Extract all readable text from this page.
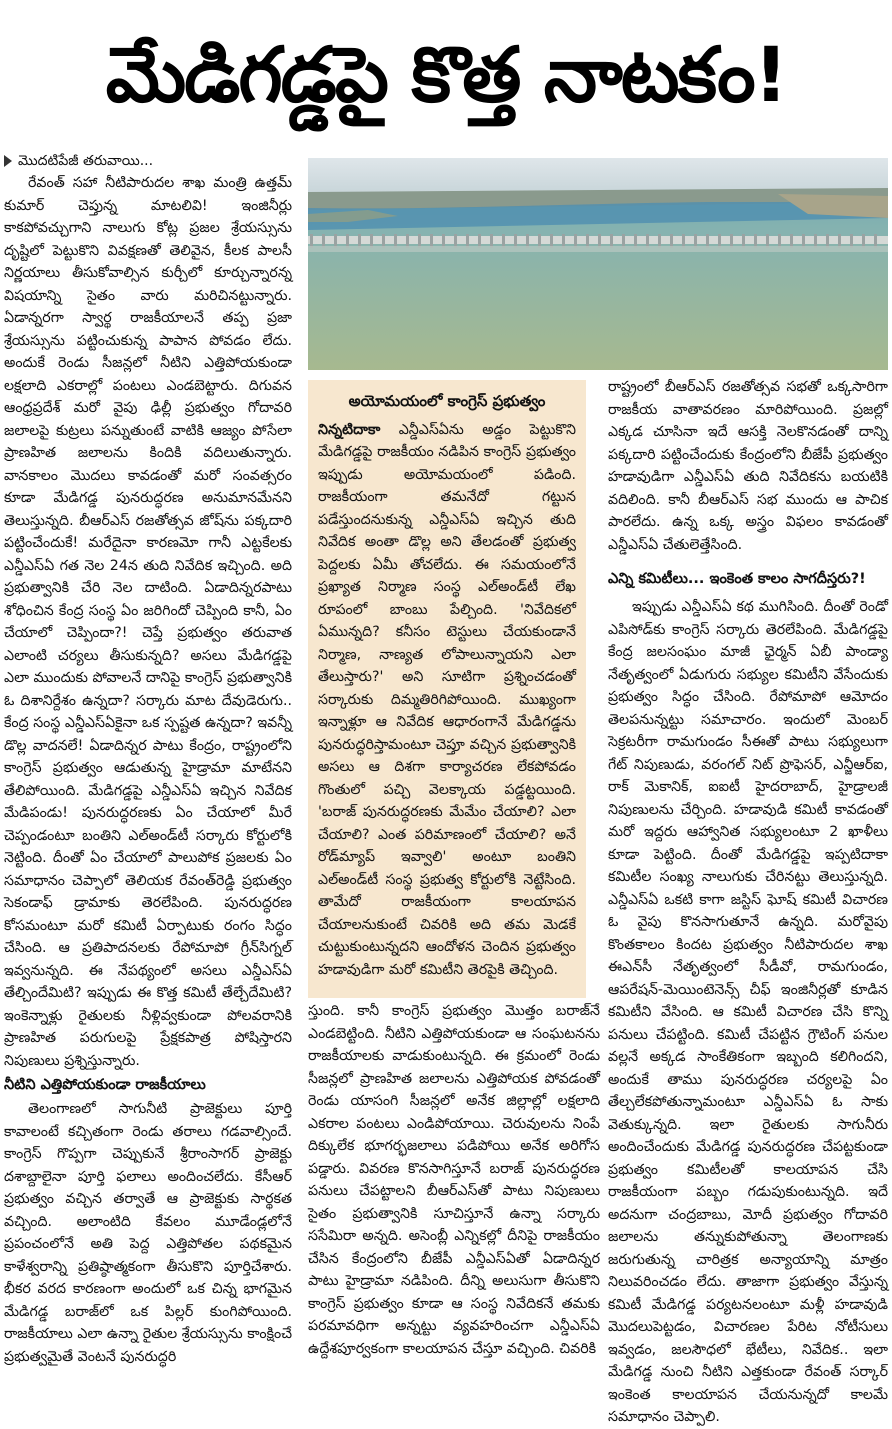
మేడిగడ్డపై కొత్త నాటకం!

మొదటిపేజీ తరువాయి...

రేవంత్ సహా నీటిపారుదల శాఖ మంత్రి ఉత్తమ్ కుమార్ చెప్తున్న మాటలివి! ఇంజినీర్లు కాకపోవచ్చుగాని నాలుగు కోట్ల ప్రజల శ్రేయస్సును దృష్టిలో పెట్టుకొని వివక్షణతో తెలివైన, కీలక పాలసీ నిర్ణయాలు తీసుకోవాల్సిన కుర్చీలో కూర్చున్నారన్న విషయాన్ని సైతం వారు మరిచినట్టున్నారు. ఏడాన్నరగా స్వార్థ రాజకీయాలనే తప్ప ప్రజా శ్రేయస్సును పట్టించుకున్న పాపాన పోవడం లేదు. అందుకే రెండు సీజన్లలో నీటిని ఎత్తిపోయకుండా లక్షలాది ఎకరాల్లో పంటలు ఎండబెట్టారు. దిగువన ఆంధ్రప్రదేశ్ మరో వైపు ఢిల్లీ ప్రభుత్వం గోదావరి జలాలపై కుట్రలు పన్నుతుంటే వాటికి ఆజ్యం పోసేలా ప్రాణహిత జలాలను కిందికి వదిలుతున్నారు. వానకాలం మొదలు కావడంతో మరో సంవత్సరం కూడా మేడిగడ్డ పునరుద్ధరణ అనుమానమేనని తెలుస్తున్నది. బీఆర్ఎస్ రజతోత్సవ జోష్‌ను పక్కదారి పట్టించేందుకే! మరేదైనా కారణమో గానీ ఎట్టకేలకు ఎన్డీఎస్ఏ గత నెల 24న తుది నివేదిక ఇచ్చింది. అది ప్రభుత్వానికి చేరి నెల దాటింది. ఏడాదిన్నరపాటు శోధించిన కేంద్ర సంస్థ ఏం జరిగిందో చెప్పింది కానీ, ఏం చేయాలో చెప్పిందా?! చెప్తే ప్రభుత్వం తరువాత ఎలాంటి చర్యలు తీసుకున్నది? అసలు మేడిగడ్డపై ఎలా ముందుకు పోవాలనే దానిపై కాంగ్రెస్ ప్రభుత్వానికి ఓ దిశానిర్దేశం ఉన్నదా? సర్కారు మాట దేవుడెరుగు.. కేంద్ర సంస్థ ఎన్డీఎస్ఏకైనా ఒక స్పష్టత ఉన్నదా? ఇవన్నీ డొల్ల వాదనలే! ఏడాదిన్నర పాటు కేంద్రం, రాష్ట్రంలోని కాంగ్రెస్ ప్రభుత్వం ఆడుతున్న హైడ్రామా మాటేనని తేలిపోయింది. మేడిగడ్డపై ఎన్డీఎస్ఏ ఇచ్చిన నివేదిక మేడిపండు! పునరుద్ధరణకు ఏం చేయాలో మీరే చెప్పండంటూ బంతిని ఎల్అండ్‌టీ సర్కారు కోర్టులోకి నెట్టింది. దీంతో ఏం చేయాలో పాలుపోక ప్రజలకు ఏం సమాధానం చెప్పాలో తెలియక రేవంత్‌రెడ్డి ప్రభుత్వం సెకండాఫ్ డ్రామాకు తెరలేపింది. పునరుద్ధరణ కోసమంటూ మరో కమిటీ ఏర్పాటుకు రంగం సిద్ధం చేసింది. ఆ ప్రతిపాదనలకు రేపోమాపో గ్రీన్‌సిగ్నల్ ఇవ్వనున్నది. ఈ నేపథ్యంలో అసలు ఎన్డీఎస్ఏ తేల్చిందేమిటి? ఇప్పుడు ఈ కొత్త కమిటీ తేల్చేదేమిటి? ఇంకెన్నాళ్లు రైతులకు నీళ్లివ్వకుండా పోలవరానికి ప్రాణహిత పరుగులపై ప్రేక్షకపాత్ర పోషిస్తారని నిపుణులు ప్రశ్నిస్తున్నారు.

నీటిని ఎత్తిపోయకుండా రాజకీయాలు

తెలంగాణలో సాగునీటి ప్రాజెక్టులు పూర్తి కావాలంటే కచ్చితంగా రెండు తరాలు గడవాల్సిందే. కాంగ్రెస్ గొప్పగా చెప్పుకునే శ్రీరాంసాగర్ ప్రాజెక్టు దశాబ్దాలైనా పూర్తి ఫలాలు అందించలేదు. కేసీఆర్ ప్రభుత్వం వచ్చిన తర్వాతే ఆ ప్రాజెక్టుకు సార్థకత వచ్చింది. అలాంటిది కేవలం మూడేండ్లలోనే ప్రపంచంలోనే అతి పెద్ద ఎత్తిపోతల పథకమైన కాళేశ్వరాన్ని ప్రతిష్ఠాత్మకంగా తీసుకొని పూర్తిచేశారు. భీకర వరద కారణంగా అందులో ఒక చిన్న భాగమైన మేడిగడ్డ బరాజ్‌లో ఒక పిల్లర్ కుంగిపోయింది. రాజకీయాలు ఎలా ఉన్నా రైతుల శ్రేయస్సును కాంక్షించే ప్రభుత్వమైతే వెంటనే పునరుద్ధరి

అయోమయంలో కాంగ్రెస్ ప్రభుత్వం

నిన్నటిదాకా ఎన్డీఎస్ఏను అడ్డం పెట్టుకొని మేడిగడ్డపై రాజకీయం నడిపిన కాంగ్రెస్ ప్రభుత్వం ఇప్పుడు అయోమయంలో పడింది. రాజకీయంగా తమనేదో గట్టున పడేస్తుందనుకున్న ఎన్డీఎస్ఏ ఇచ్చిన తుది నివేదిక అంతా డొల్ల అని తేలడంతో ప్రభుత్వ పెద్దలకు ఏమీ తోచలేదు. ఈ సమయంలోనే ప్రఖ్యాత నిర్మాణ సంస్థ ఎల్అండ్‌టీ లేఖ రూపంలో బాంబు పేల్చింది. 'నివేదికలో ఏమున్నది? కనీసం టెస్టులు చేయకుండానే నిర్మాణ, నాణ్యత లోపాలున్నాయని ఎలా తేలుస్తారు?' అని సూటిగా ప్రశ్నించడంతో సర్కారుకు దిమ్మతిరిగిపోయింది. ముఖ్యంగా ఇన్నాళ్లూ ఆ నివేదిక ఆధారంగానే మేడిగడ్డను పునరుద్ధరిస్తామంటూ చెప్తూ వచ్చిన ప్రభుత్వానికి అసలు ఆ దిశగా కార్యాచరణ లేకపోవడం గొంతులో పచ్చి వెలక్కాయ పడ్డట్టయింది. 'బరాజ్ పునరుద్ధరణకు మేమేం చేయాలి? ఎలా చేయాలి? ఎంత పరిమాణంలో చేయాలి? అనే రోడ్‌మ్యాప్ ఇవ్వాలి' అంటూ బంతిని ఎల్అండ్‌టీ సంస్థ ప్రభుత్వ కోర్టులోకి నెట్టేసింది. తామేదో రాజకీయంగా కాలయాపన చేయాలనుకుంటే చివరికి అది తమ మెడకే చుట్టుకుంటున్నదని ఆందోళన చెందిన ప్రభుత్వం హడావుడిగా మరో కమిటీని తెరపైకి తెచ్చింది.

స్తుంది. కానీ కాంగ్రెస్ ప్రభుత్వం మొత్తం బరాజ్‌నే ఎండబెట్టింది. నీటిని ఎత్తిపోయకుండా ఆ సంఘటనను రాజకీయాలకు వాడుకుంటున్నది. ఈ క్రమంలో రెండు సీజన్లలో ప్రాణహిత జలాలను ఎత్తిపోయక పోవడంతో రెండు యాసంగి సీజన్లలో అనేక జిల్లాల్లో లక్షలాది ఎకరాల పంటలు ఎండిపోయాయి. చెరువులను నింపే దిక్కులేక భూగర్భజలాలు పడిపోయి అనేక అరిగోస పడ్డారు. వివరణ కొనసాగిస్తూనే బరాజ్ పునరుద్ధరణ పనులు చేపట్టాలని బీఆర్ఎస్‌తో పాటు నిపుణులు సైతం ప్రభుత్వానికి సూచిస్తూనే ఉన్నా సర్కారు ససేమిరా అన్నది. అసెంబ్లీ ఎన్నికల్లో దీనిపై రాజకీయం చేసిన కేంద్రంలోని బీజేపీ ఎన్డీఎస్ఏతో ఏడాదిన్నర పాటు హైడ్రామా నడిపింది. దీన్ని అలుసుగా తీసుకొని కాంగ్రెస్ ప్రభుత్వం కూడా ఆ సంస్థ నివేదికనే తమకు పరమావధిగా అన్నట్టు వ్యవహరించగా ఎన్డీఎస్ఏ ఉద్దేశపూర్వకంగా కాలయాపన చేస్తూ వచ్చింది. చివరికి

రాష్ట్రంలో బీఆర్ఎస్ రజతోత్సవ సభతో ఒక్కసారిగా రాజకీయ వాతావరణం మారిపోయింది. ప్రజల్లో ఎక్కడ చూసినా ఇదే ఆసక్తి నెలకొనడంతో దాన్ని పక్కదారి పట్టించేందుకు కేంద్రంలోని బీజేపీ ప్రభుత్వం హడావుడిగా ఎన్డీఎస్ఏ తుది నివేదికను బయటికి వదిలింది. కానీ బీఆర్ఎస్ సభ ముందు ఆ పాచిక పారలేదు. ఉన్న ఒక్క అస్త్రం విఫలం కావడంతో ఎన్డీఎస్ఏ చేతులెత్తేసింది.

ఎన్ని కమిటీలు... ఇంకెంత కాలం సాగదీస్తరు?!

ఇప్పుడు ఎన్డీఎస్ఏ కథ ముగిసింది. దీంతో రెండో ఎపిసోడ్‌కు కాంగ్రెస్ సర్కారు తెరలేపింది. మేడిగడ్డపై కేంద్ర జలసంఘం మాజీ ఛైర్మన్ ఏబీ పాండ్యా నేతృత్వంలో ఏడుగురు సభ్యుల కమిటీని వేసేందుకు ప్రభుత్వం సిద్ధం చేసింది. రేపోమాపో ఆమోదం తెలపనున్నట్టు సమాచారం. ఇందులో మెంబర్ సెక్రటరీగా రామగుండం సీఈతో పాటు సభ్యులుగా గేట్ నిపుణుడు, వరంగల్ నిట్ ప్రొఫెసర్, ఎన్జీఆర్ఐ, రాక్ మెకానిక్, ఐఐటీ హైదరాబాద్, హైడ్రాలజీ నిపుణులను చేర్చింది. హడావుడి కమిటీ కావడంతో మరో ఇద్దరు ఆహ్వానిత సభ్యులంటూ 2 ఖాళీలు కూడా పెట్టింది. దీంతో మేడిగడ్డపై ఇప్పటిదాకా కమిటీల సంఖ్య నాలుగుకు చేరినట్టు తెలుస్తున్నది. ఎన్డీఎస్ఏ ఒకటి కాగా జస్టిస్ ఘోష్ కమిటీ విచారణ ఓ వైపు కొనసాగుతూనే ఉన్నది. మరోవైపు కొంతకాలం కిందట ప్రభుత్వం నీటిపారుదల శాఖ ఈఎన్‌సీ నేతృత్వంలో సీడీవో, రామగుండం, ఆపరేషన్-మెయింటెనెన్స్ చీఫ్ ఇంజినీర్లతో కూడిన కమిటీని వేసింది. ఆ కమిటీ విచారణ చేసి కొన్ని పనులు చేపట్టింది. కమిటీ చేపట్టిన గ్రౌటింగ్ పనుల వల్లనే అక్కడ సాంకేతికంగా ఇబ్బంది కలిగిందని, అందుకే తాము పునరుద్ధరణ చర్యలపై ఏం తేల్చలేకపోతున్నామంటూ ఎన్డీఎస్ఏ ఓ సాకు వెతుక్కున్నది. ఇలా రైతులకు సాగునీరు అందించేందుకు మేడిగడ్డ పునరుద్ధరణ చేపట్టకుండా ప్రభుత్వం కమిటీలతో కాలయాపన చేసి రాజకీయంగా పబ్బం గడుపుకుంటున్నది. ఇదే అదనుగా చంద్రబాబు, మోదీ ప్రభుత్వం గోదావరి జలాలను తన్నుకుపోతున్నా తెలంగాణకు జరుగుతున్న చారిత్రక అన్యాయాన్ని మాత్రం నిలువరించడం లేదు. తాజాగా ప్రభుత్వం వేస్తున్న కమిటీ మేడిగడ్డ పర్యటనలంటూ మళ్లీ హడావుడి మొదలుపెట్టడం, విచారణల పేరిట నోటీసులు ఇవ్వడం, జలసౌధలో భేటీలు, నివేదిక.. ఇలా మేడిగడ్డ నుంచి నీటిని ఎత్తకుండా రేవంత్ సర్కార్ ఇంకెంత కాలయాపన చేయనున్నదో కాలమే సమాధానం చెప్పాలి.
